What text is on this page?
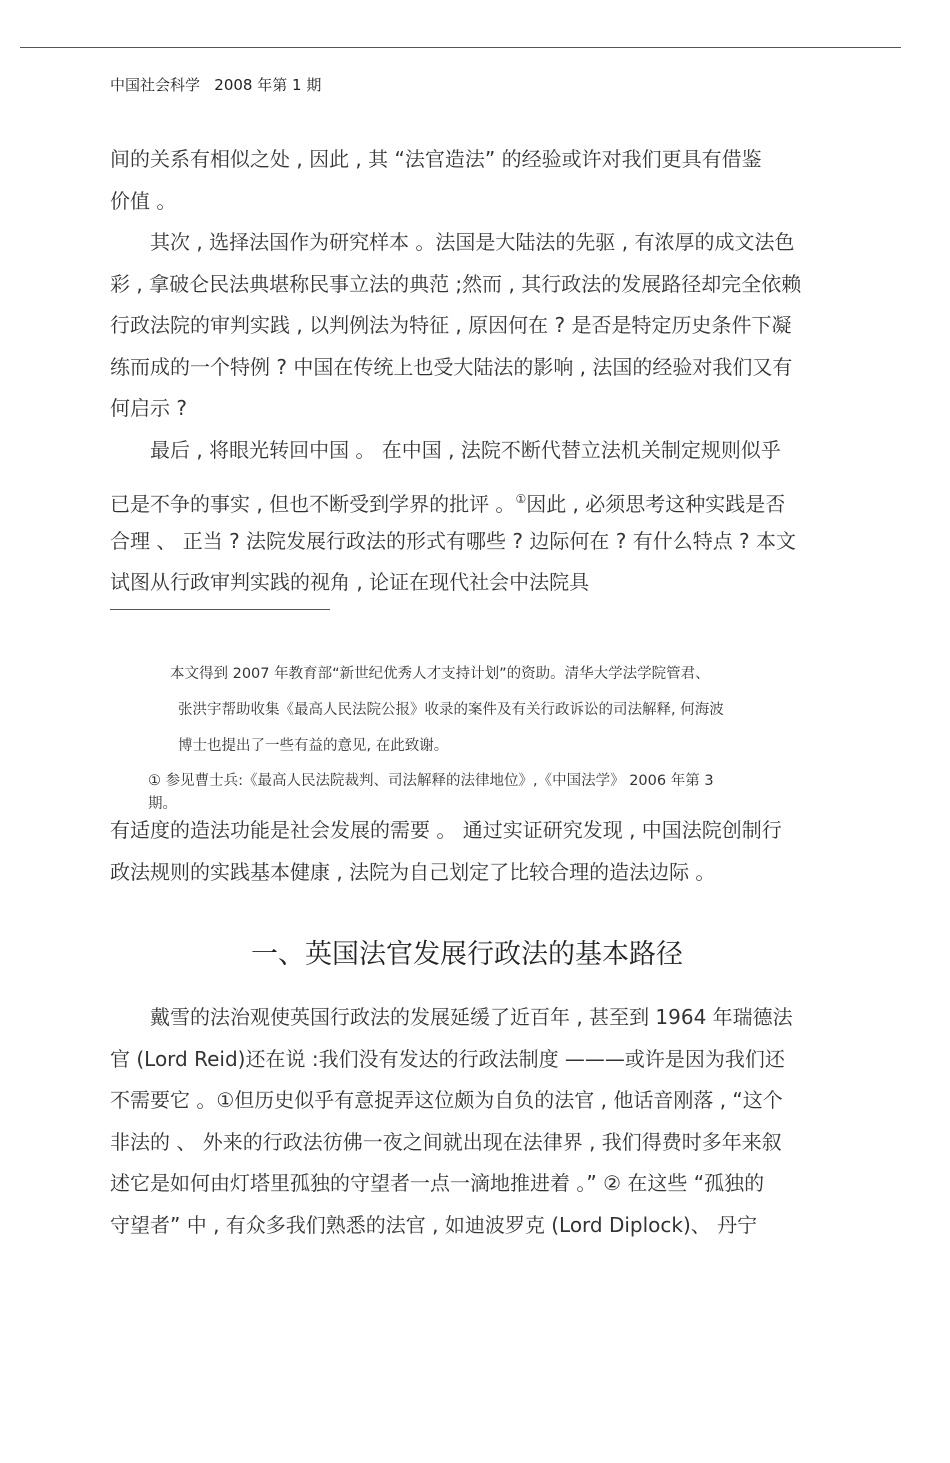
中国社会科学   2008 年第 1 期
间的关系有相似之处 , 因此 , 其 “法官造法” 的经验或许对我们更具有借鉴
价值 。
其次 , 选择法国作为研究样本 。法国是大陆法的先驱 , 有浓厚的成文法色
彩 , 拿破仑民法典堪称民事立法的典范 ;然而 , 其行政法的发展路径却完全依赖
行政法院的审判实践 , 以判例法为特征 , 原因何在 ? 是否是特定历史条件下凝
练而成的一个特例 ? 中国在传统上也受大陆法的影响 , 法国的经验对我们又有
何启示 ?
最后 , 将眼光转回中国 。 在中国 , 法院不断代替立法机关制定规则似乎
已是不争的事实 , 但也不断受到学界的批评 。①因此 , 必须思考这种实践是否
合理 、 正当 ? 法院发展行政法的形式有哪些 ? 边际何在 ? 有什么特点 ? 本文
试图从行政审判实践的视角 , 论证在现代社会中法院具
本文得到 2007 年教育部“新世纪优秀人才支持计划”的资助。清华大学法学院管君、
张洪宇帮助收集《最高人民法院公报》收录的案件及有关行政诉讼的司法解释, 何海波
博士也提出了一些有益的意见, 在此致谢。
① 参见曹士兵:《最高人民法院裁判、司法解释的法律地位》,《中国法学》 2006 年第 3
期。
有适度的造法功能是社会发展的需要 。 通过实证研究发现 , 中国法院创制行
政法规则的实践基本健康 , 法院为自己划定了比较合理的造法边际 。
一、英国法官发展行政法的基本路径
戴雪的法治观使英国行政法的发展延缓了近百年 , 甚至到 1964 年瑞德法
官 (Lord Reid)还在说 :我们没有发达的行政法制度 ———或许是因为我们还
不需要它 。①但历史似乎有意捉弄这位颇为自负的法官 , 他话音刚落 , “这个
非法的 、 外来的行政法彷佛一夜之间就出现在法律界 , 我们得费时多年来叙
述它是如何由灯塔里孤独的守望者一点一滴地推进着 。” ② 在这些 “孤独的
守望者” 中 , 有众多我们熟悉的法官 , 如迪波罗克 (Lord Diplock)、 丹宁
